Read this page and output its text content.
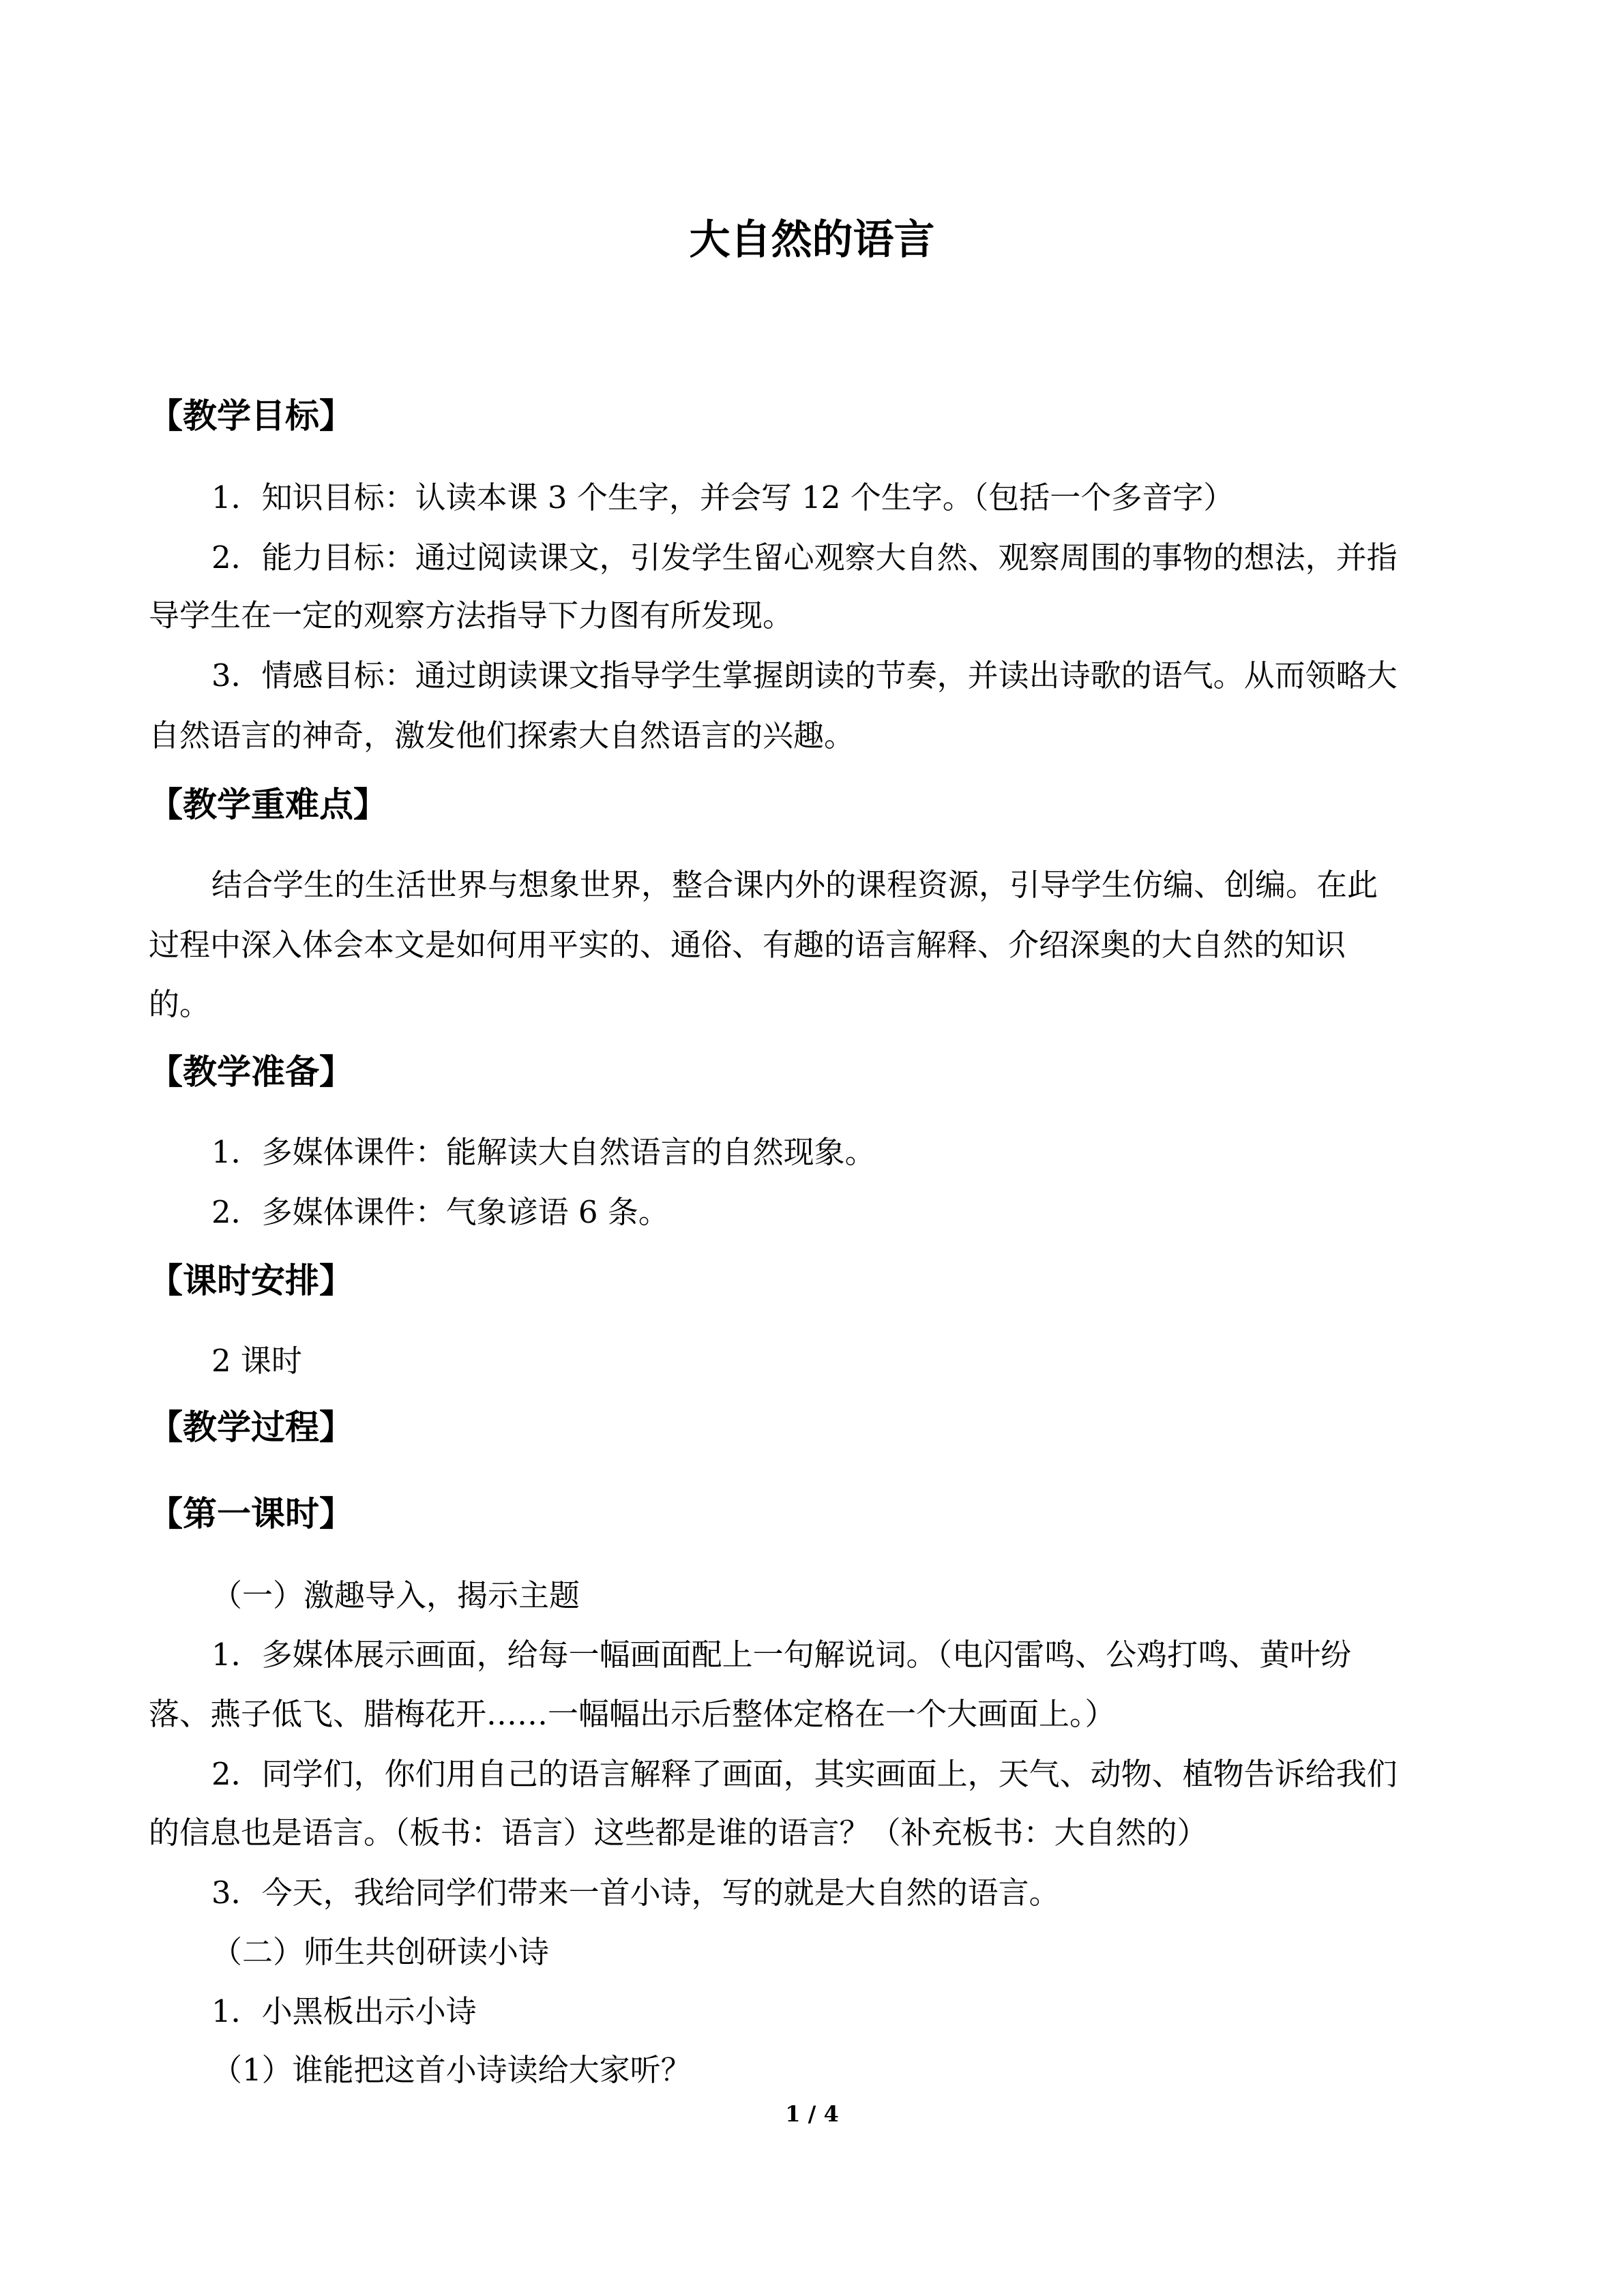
大自然的语言
【教学目标】
1．知识目标：认读本课 3 个生字，并会写 12 个生字。（包括一个多音字）
2．能力目标：通过阅读课文，引发学生留心观察大自然、观察周围的事物的想法，并指
导学生在一定的观察方法指导下力图有所发现。
3．情感目标：通过朗读课文指导学生掌握朗读的节奏，并读出诗歌的语气。从而领略大
自然语言的神奇，激发他们探索大自然语言的兴趣。
【教学重难点】
结合学生的生活世界与想象世界，整合课内外的课程资源，引导学生仿编、创编。在此
过程中深入体会本文是如何用平实的、通俗、有趣的语言解释、介绍深奥的大自然的知识
的。
【教学准备】
1．多媒体课件：能解读大自然语言的自然现象。
2．多媒体课件：气象谚语 6 条。
【课时安排】
2 课时
【教学过程】
【第一课时】
（一）激趣导入，揭示主题
1．多媒体展示画面，给每一幅画面配上一句解说词。（电闪雷鸣、公鸡打鸣、黄叶纷
落、燕子低飞、腊梅花开……一幅幅出示后整体定格在一个大画面上。）
2．同学们，你们用自己的语言解释了画面，其实画面上，天气、动物、植物告诉给我们
的信息也是语言。（板书：语言）这些都是谁的语言？（补充板书：大自然的）
3．今天，我给同学们带来一首小诗，写的就是大自然的语言。
（二）师生共创研读小诗
1．小黑板出示小诗
（1）谁能把这首小诗读给大家听？
1 / 4
